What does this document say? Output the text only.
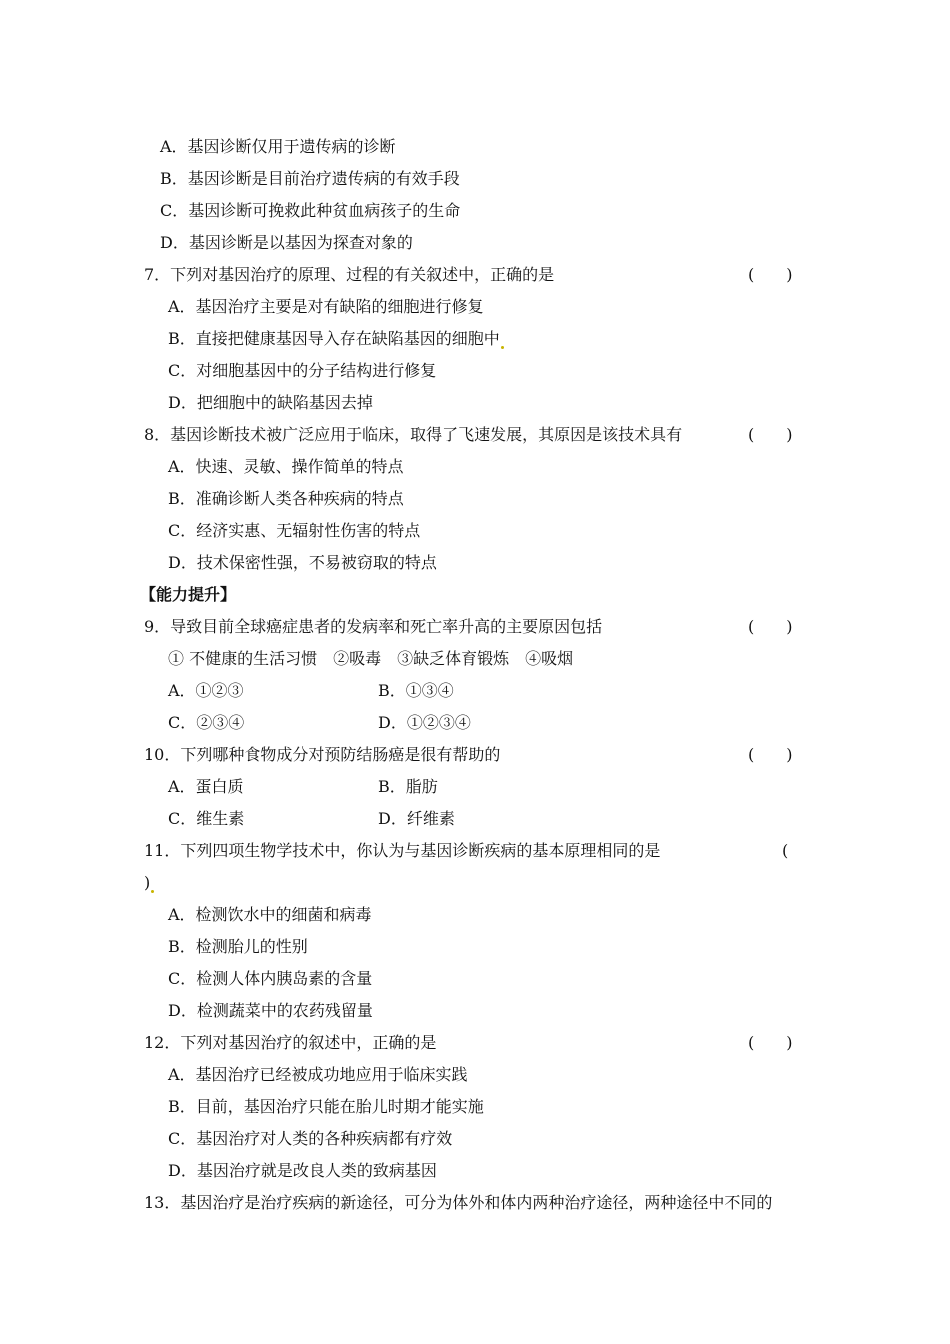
A．基因诊断仅用于遗传病的诊断
B．基因诊断是目前治疗遗传病的有效手段
C．基因诊断可挽救此种贫血病孩子的生命
D．基因诊断是以基因为探查对象的
7．下列对基因治疗的原理、过程的有关叙述中，正确的是	(　　)
A．基因治疗主要是对有缺陷的细胞进行修复
B．直接把健康基因导入存在缺陷基因的细胞中
C．对细胞基因中的分子结构进行修复
D．把细胞中的缺陷基因去掉
8．基因诊断技术被广泛应用于临床，取得了飞速发展，其原因是该技术具有	(　　)
A．快速、灵敏、操作简单的特点
B．准确诊断人类各种疾病的特点
C．经济实惠、无辐射性伤害的特点
D．技术保密性强，不易被窃取的特点
【能力提升】
9．导致目前全球癌症患者的发病率和死亡率升高的主要原因包括	(　　)
① 不健康的生活习惯　②吸毒　③缺乏体育锻炼　④吸烟
A．①②③	B．①③④
C．②③④	D．①②③④
10．下列哪种食物成分对预防结肠癌是很有帮助的	(　　)
A．蛋白质	B．脂肪
C．维生素	D．纤维素
11．下列四项生物学技术中，你认为与基因诊断疾病的基本原理相同的是	(
)
A．检测饮水中的细菌和病毒
B．检测胎儿的性别
C．检测人体内胰岛素的含量
D．检测蔬菜中的农药残留量
12．下列对基因治疗的叙述中，正确的是	(　　)
A．基因治疗已经被成功地应用于临床实践
B．目前，基因治疗只能在胎儿时期才能实施
C．基因治疗对人类的各种疾病都有疗效
D．基因治疗就是改良人类的致病基因
13．基因治疗是治疗疾病的新途径，可分为体外和体内两种治疗途径，两种途径中不同的
